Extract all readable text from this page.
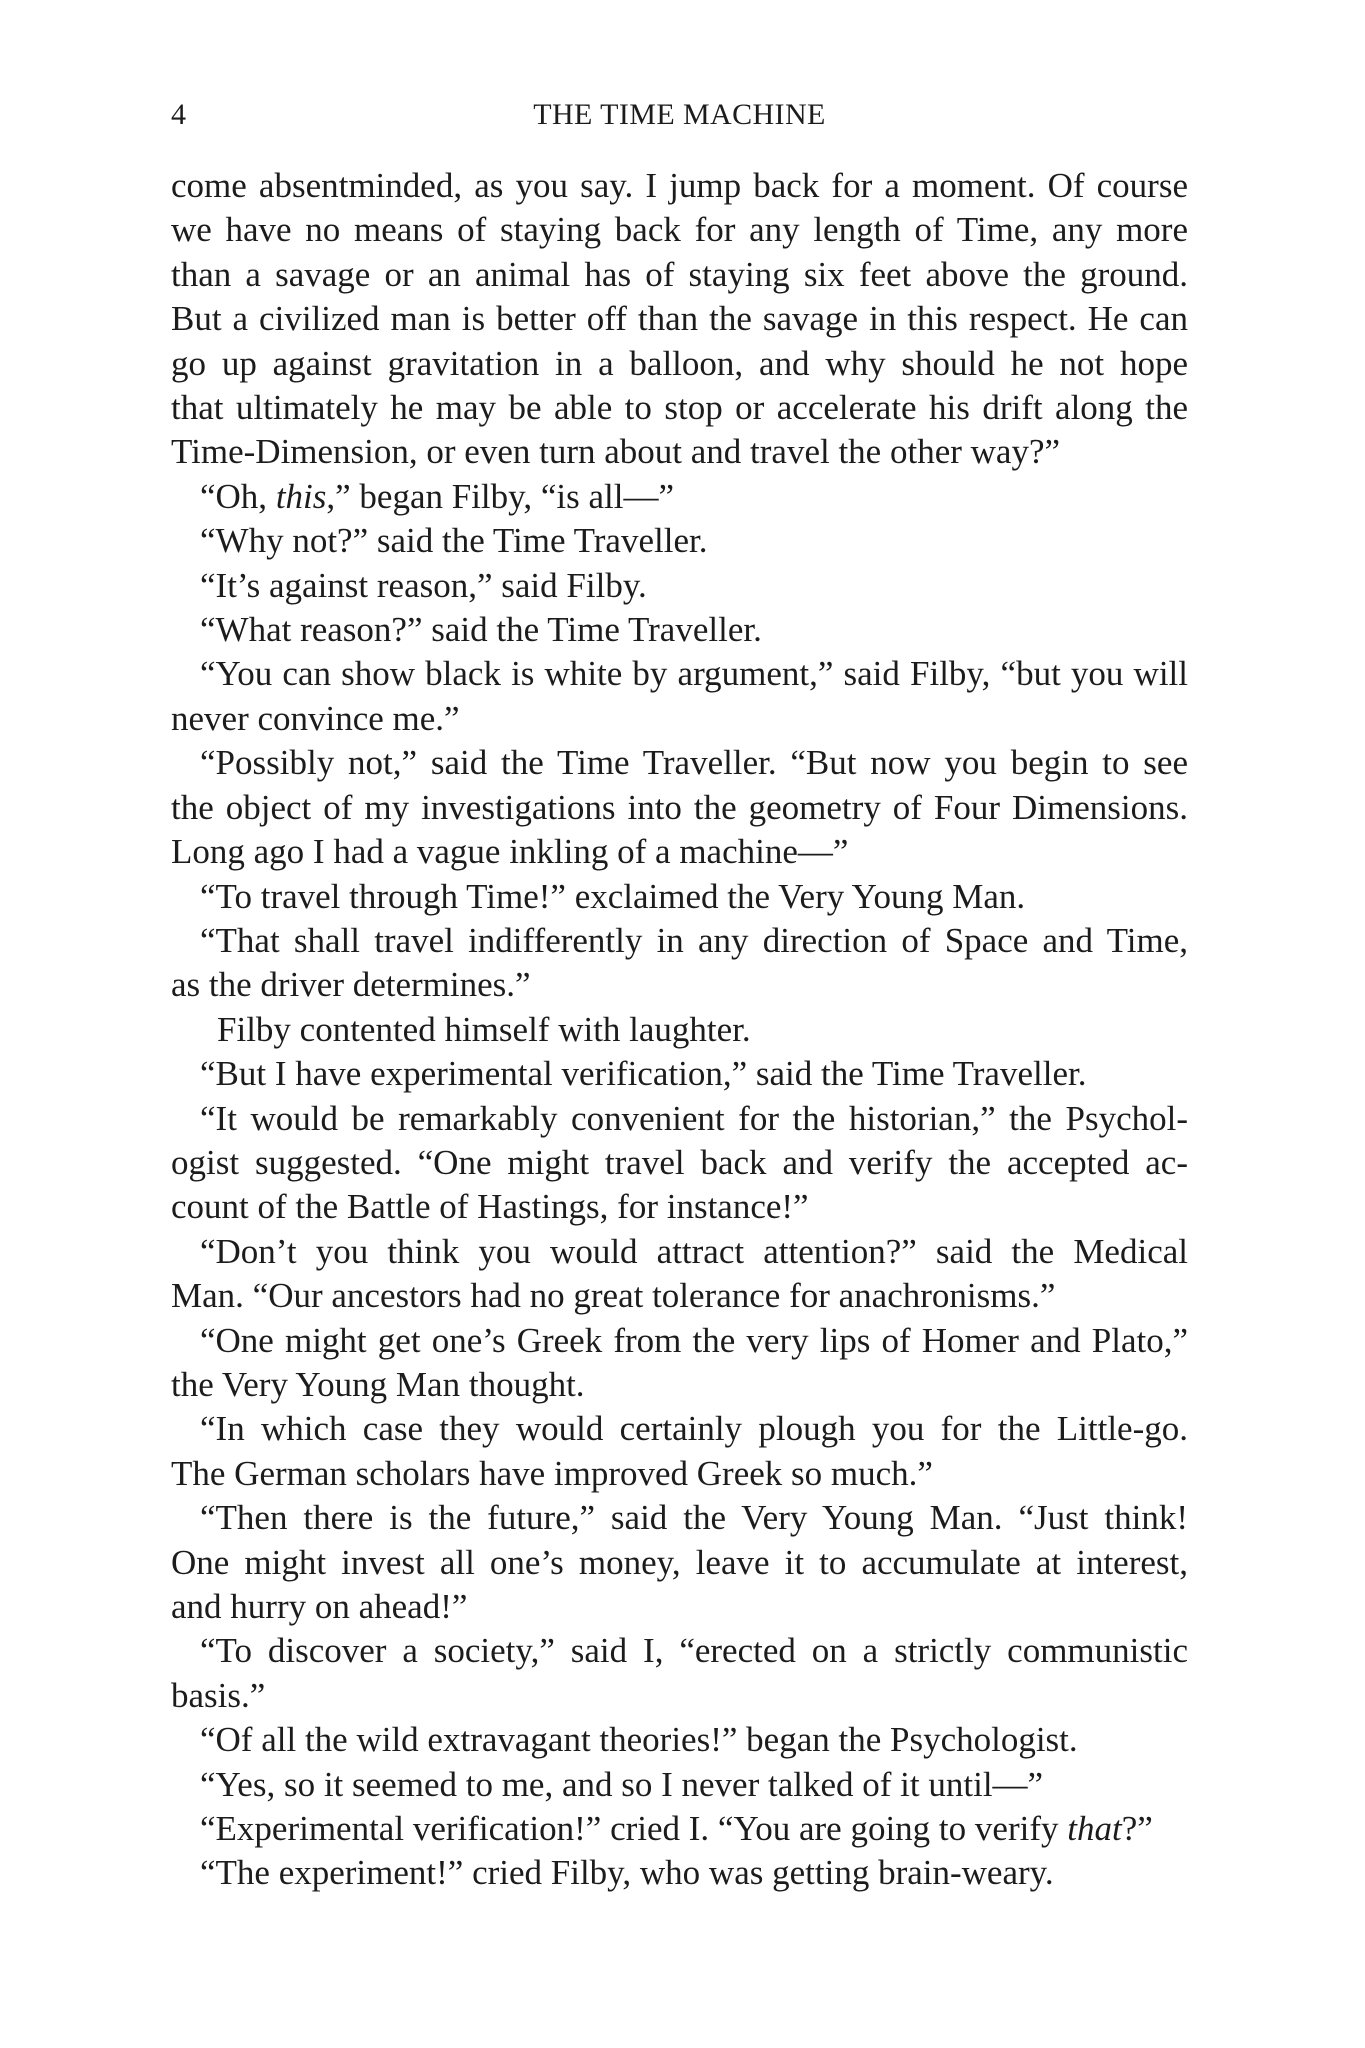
4	THE TIME MACHINE
come absentminded, as you say. I jump back for a moment. Of course
we have no means of staying back for any length of Time, any more
than a savage or an animal has of staying six feet above the ground.
But a civilized man is better off than the savage in this respect. He can
go up against gravitation in a balloon, and why should he not hope
that ultimately he may be able to stop or accelerate his drift along the
Time-Dimension, or even turn about and travel the other way?”
“Oh, this,” began Filby, “is all—”
“Why not?” said the Time Traveller.
“It’s against reason,” said Filby.
“What reason?” said the Time Traveller.
“You can show black is white by argument,” said Filby, “but you will
never convince me.”
“Possibly not,” said the Time Traveller. “But now you begin to see
the object of my investigations into the geometry of Four Dimensions.
Long ago I had a vague inkling of a machine—”
“To travel through Time!” exclaimed the Very Young Man.
“That shall travel indifferently in any direction of Space and Time,
as the driver determines.”
Filby contented himself with laughter.
“But I have experimental verification,” said the Time Traveller.
“It would be remarkably convenient for the historian,” the Psychol-
ogist suggested. “One might travel back and verify the accepted ac-
count of the Battle of Hastings, for instance!”
“Don’t you think you would attract attention?” said the Medical
Man. “Our ancestors had no great tolerance for anachronisms.”
“One might get one’s Greek from the very lips of Homer and Plato,”
the Very Young Man thought.
“In which case they would certainly plough you for the Little-go.
The German scholars have improved Greek so much.”
“Then there is the future,” said the Very Young Man. “Just think!
One might invest all one’s money, leave it to accumulate at interest,
and hurry on ahead!”
“To discover a society,” said I, “erected on a strictly communistic
basis.”
“Of all the wild extravagant theories!” began the Psychologist.
“Yes, so it seemed to me, and so I never talked of it until—”
“Experimental verification!” cried I. “You are going to verify that?”
“The experiment!” cried Filby, who was getting brain-weary.
